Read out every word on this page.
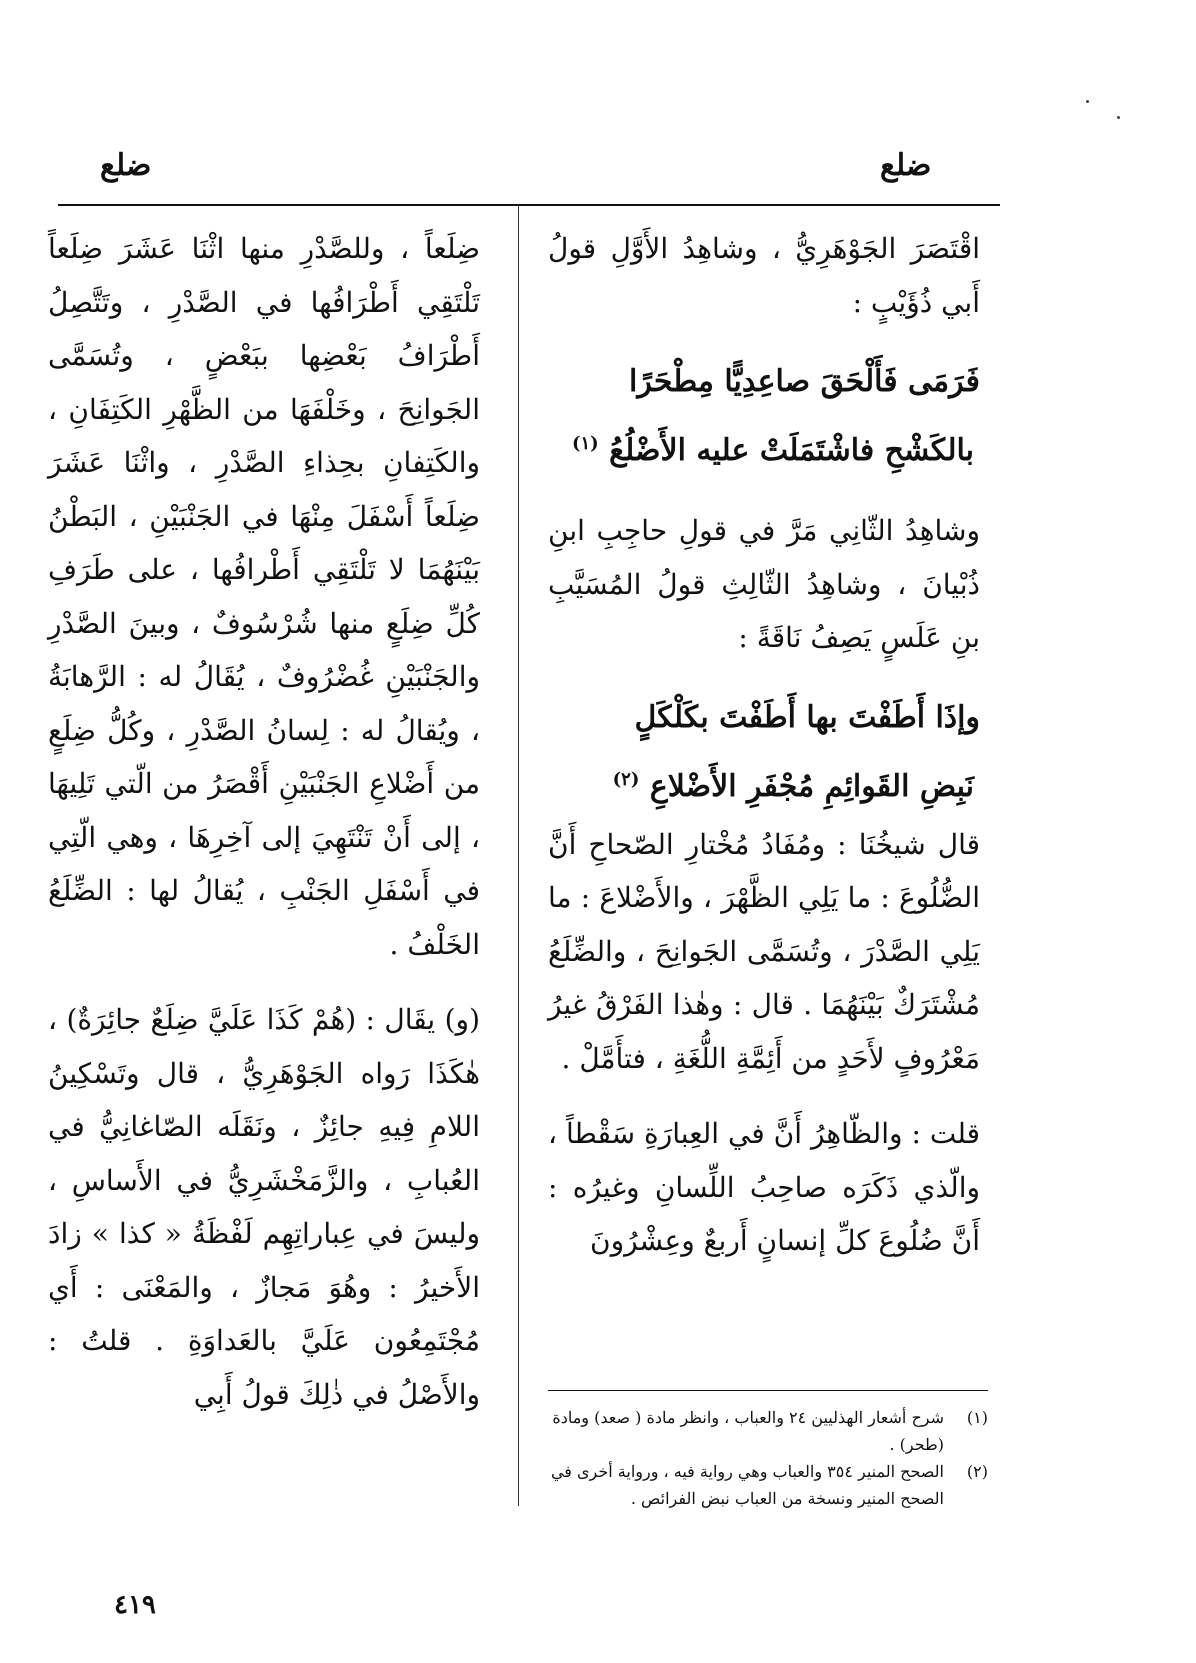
ضلع
ضلع

اقْتَصَرَ الجَوْهَرِيُّ ، وشاهِدُ الأَوَّلِ قولُ أَبي ذُؤَيْبٍ :

فَرَمَى فَأَلْحَقَ صاعِدِيًّا مِطْحَرًا
بالكَشْحِ فاشْتَمَلَتْ عليه الأَضْلُعُ $^{(١)}$

وشاهِدُ الثّانِي مَرَّ في قولِ حاجِبِ ابنِ ذُبْيانَ ، وشاهِدُ الثّالِثِ قولُ المُسَيَّبِ بنِ عَلَسٍ يَصِفُ نَاقَةً :

وإذَا أَطَفْتَ بها أَطَفْتَ بكَلْكَلٍ
نَبِضِ القَوائِمِ مُجْفَرِ الأَضْلاعِ $^{(٢)}$

قال شيخُنَا : ومُفَادُ مُخْتارِ الصّحاحِ أَنَّ الضُّلُوعَ : ما يَلِي الظَّهْرَ ، والأَضْلاعَ : ما يَلِي الصَّدْرَ ، وتُسَمَّى الجَوانِحَ ، والضِّلَعُ مُشْتَرَكٌ بَيْنَهُمَا . قال : وهٰذا الفَرْقُ غيرُ مَعْرُوفٍ لأَحَدٍ من أَئِمَّةِ اللُّغَةِ ، فتأَمَّلْ .

قلت : والظّاهِرُ أَنَّ في العِبارَةِ سَقْطاً ، والّذي ذَكَرَه صاحِبُ اللِّسانِ وغيرُه : أَنَّ ضُلُوعَ كلِّ إنسانٍ أَربعٌ وعِشْرُونَ

ضِلَعاً ، وللصَّدْرِ منها اثْنَا عَشَرَ ضِلَعاً تَلْتَقِي أَطْرَافُها في الصَّدْرِ ، وتَتَّصِلُ أَطْرَافُ بَعْضِها ببَعْضٍ ، وتُسَمَّى الجَوانِحَ ، وخَلْفَهَا من الظَّهْرِ الكَتِفَانِ ، والكَتِفانِ بحِذاءِ الصَّدْرِ ، واثْنَا عَشَرَ ضِلَعاً أَسْفَلَ مِنْهَا في الجَنْبَيْنِ ، البَطْنُ بَيْنَهُمَا لا تَلْتَقِي أَطْرافُها ، على طَرَفِ كُلِّ ضِلَعٍ منها شُرْسُوفٌ ، وبينَ الصَّدْرِ والجَنْبَيْنِ غُضْرُوفٌ ، يُقَالُ له : الرَّهابَةُ ، ويُقالُ له : لِسانُ الصَّدْرِ ، وكُلُّ ضِلَعٍ من أَضْلاعِ الجَنْبَيْنِ أَقْصَرُ من الّتي تَلِيهَا ، إلى أَنْ تَنْتَهِيَ إلى آخِرِهَا ، وهي الّتِي في أَسْفَلِ الجَنْبِ ، يُقالُ لها : الضِّلَعُ الخَلْفُ .

(و) يقَال : (هُمْ كَذَا عَلَيَّ ضِلَعٌ جائِرَةٌ) ، هٰكَذَا رَواه الجَوْهَرِيُّ ، قال وتَسْكِينُ اللامِ فِيهِ جائِزٌ ، ونَقَلَه الصّاغانِيُّ في العُبابِ ، والزَّمَخْشَرِيُّ في الأَساسِ ، وليسَ في عِباراتِهِم لَفْظَةُ « كذا » زادَ الأَخيرُ : وهُوَ مَجازٌ ، والمَعْنَى : أَي مُجْتَمِعُون عَلَيَّ بالعَداوَةِ . قلتُ : والأَصْلُ في ذٰلِكَ قولُ أَبِي

(١)
شرح أشعار الهذليين ٢٤ والعباب ، وانظر مادة ( صعد) ومادة (طحر) .
(٢)
الصحح المنير ٣٥٤ والعباب وهي رواية فيه ، ورواية أخرى في الصحح المنير ونسخة من العباب نبض الفرائص .
٤١٩
